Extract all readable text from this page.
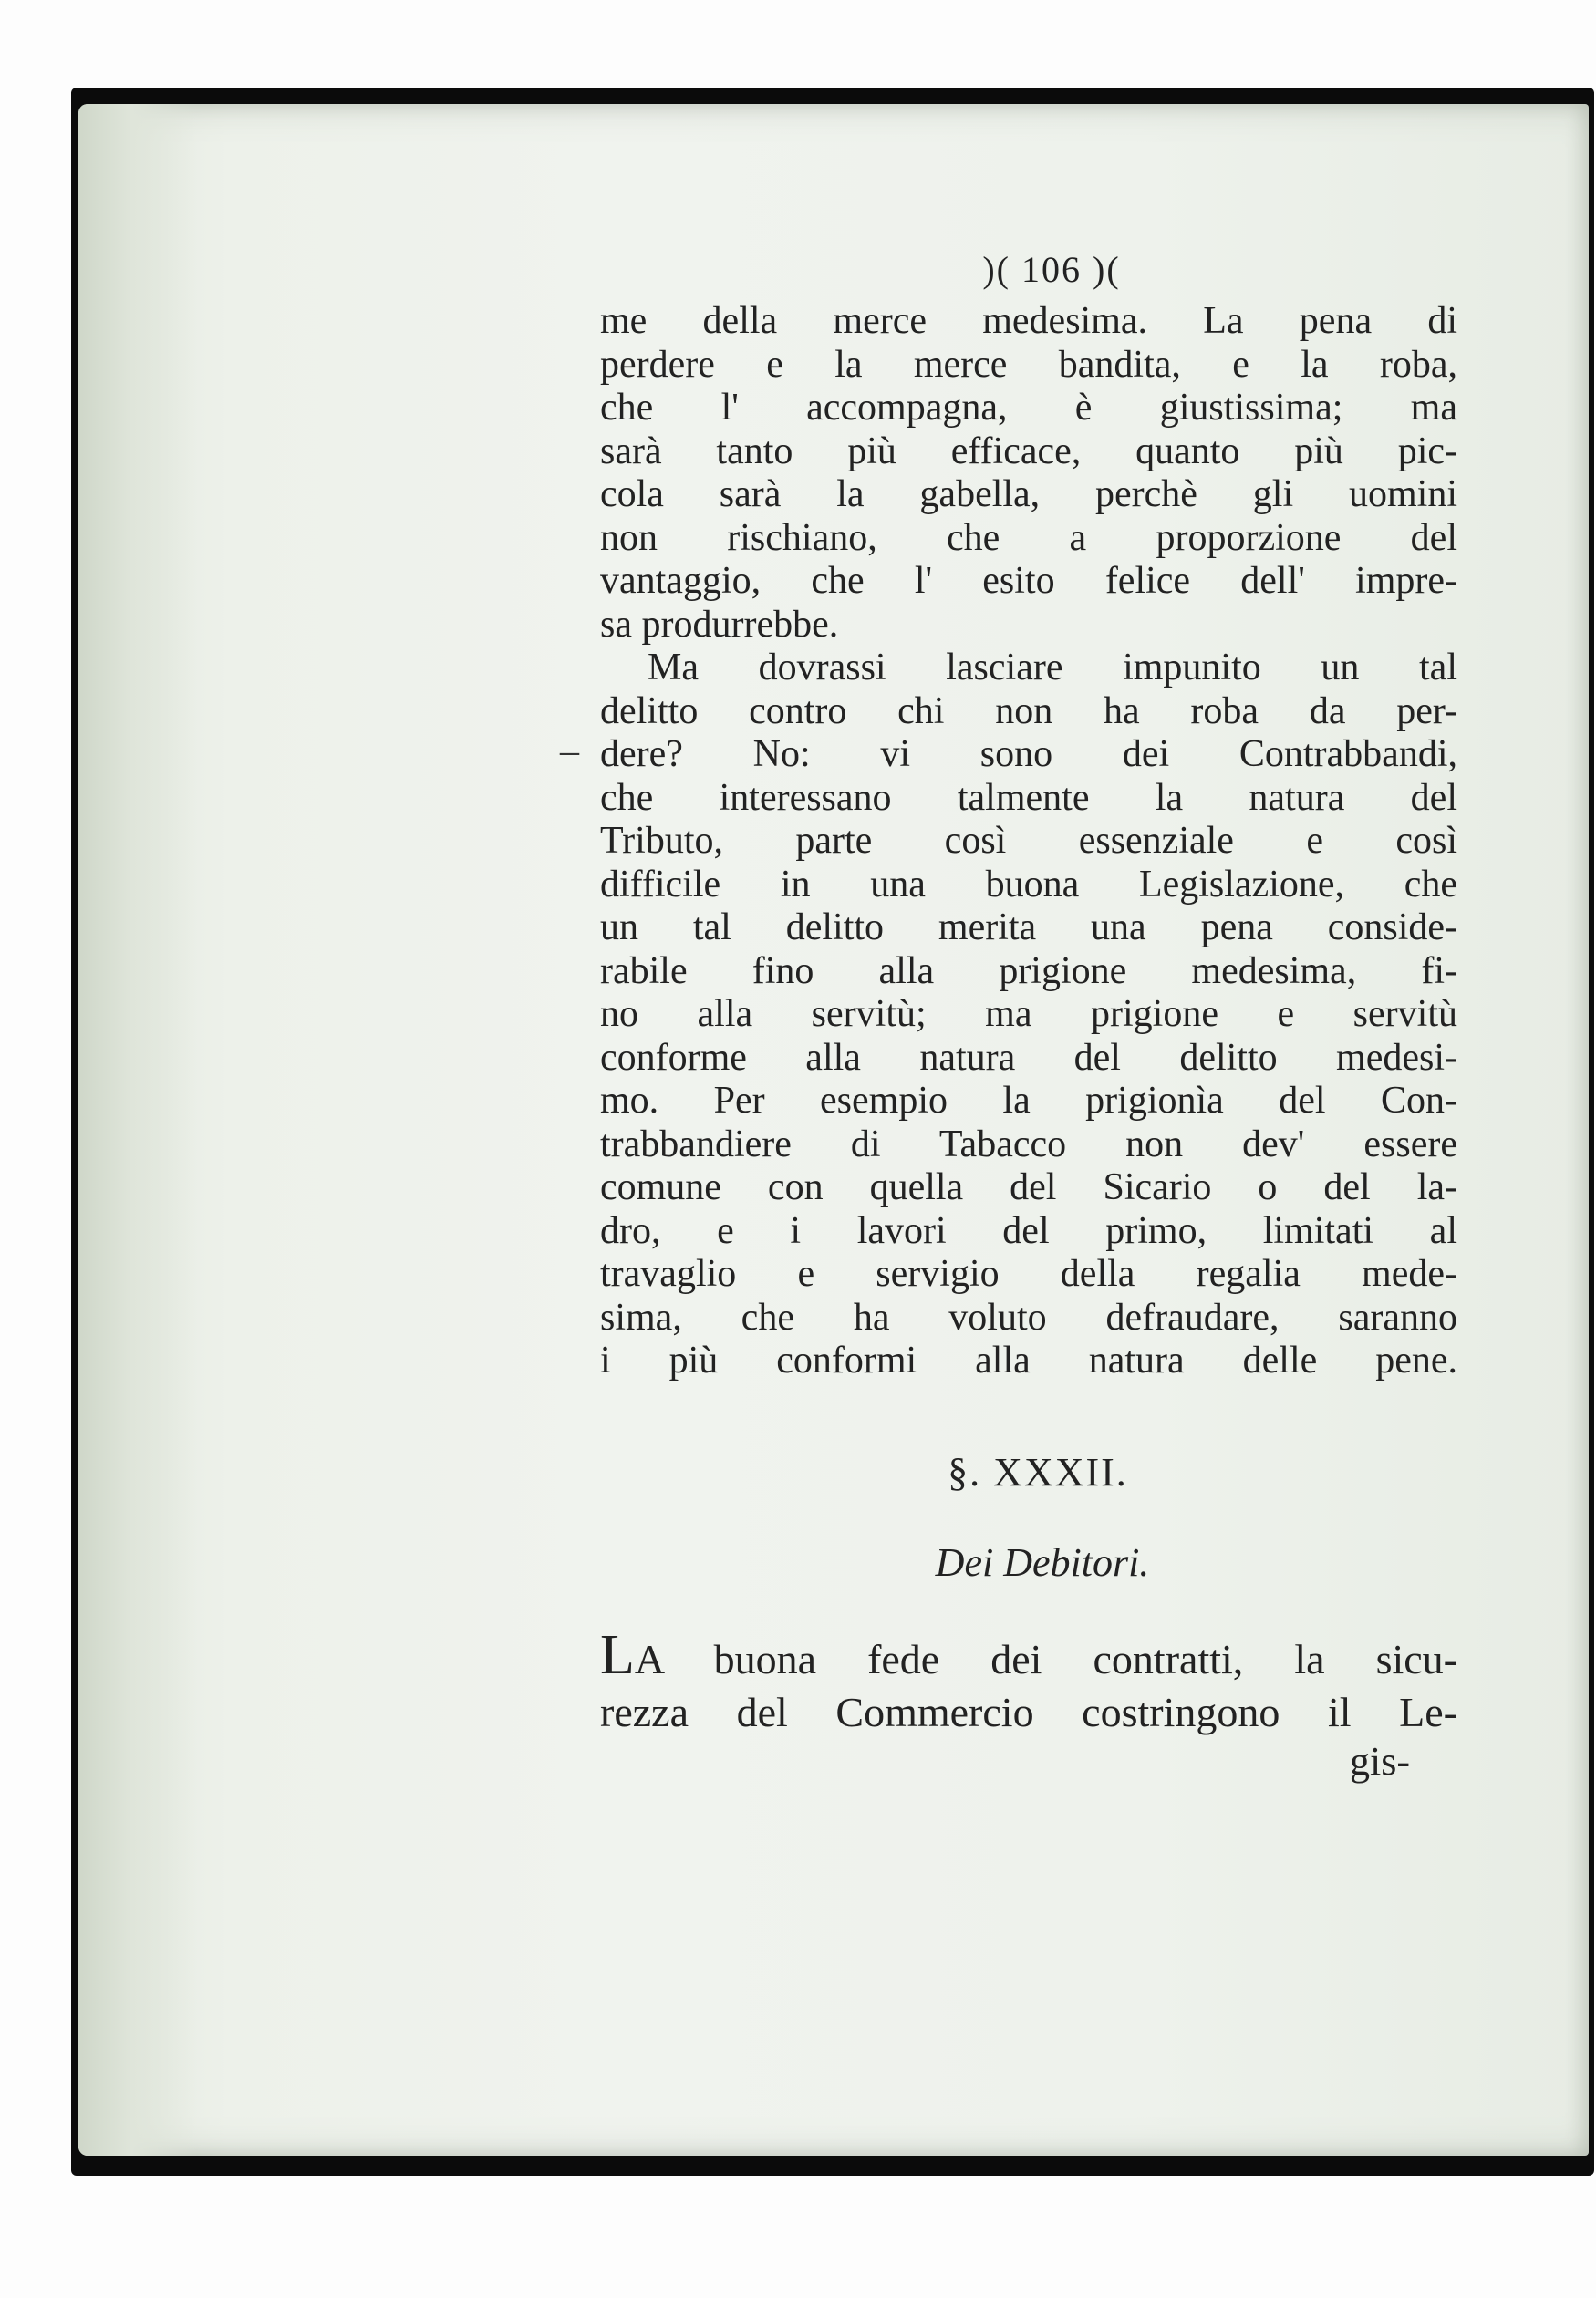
–
)( 106 )(
me della merce medesima. La pena di
perdere e la merce bandita, e la roba,
che l' accompagna, è giustissima; ma
sarà tanto più efficace, quanto più pic-
cola sarà la gabella, perchè gli uomini
non rischiano, che a proporzione del
vantaggio, che l' esito felice dell' impre-
sa produrrebbe.
Ma dovrassi lasciare impunito un tal
delitto contro chi non ha roba da per-
dere? No: vi sono dei Contrabbandi,
che interessano talmente la natura del
Tributo, parte così essenziale e così
difficile in una buona Legislazione, che
un tal delitto merita una pena conside-
rabile fino alla prigione medesima, fi-
no alla servitù; ma prigione e servitù
conforme alla natura del delitto medesi-
mo. Per esempio la prigionìa del Con-
trabbandiere di Tabacco non dev' essere
comune con quella del Sicario o del la-
dro, e i lavori del primo, limitati al
travaglio e servigio della regalia mede-
sima, che ha voluto defraudare, saranno
i più conformi alla natura delle pene.
§. XXXII.
Dei Debitori.
LA buona fede dei contratti, la sicu-
rezza del Commercio costringono il Le-
gis-
